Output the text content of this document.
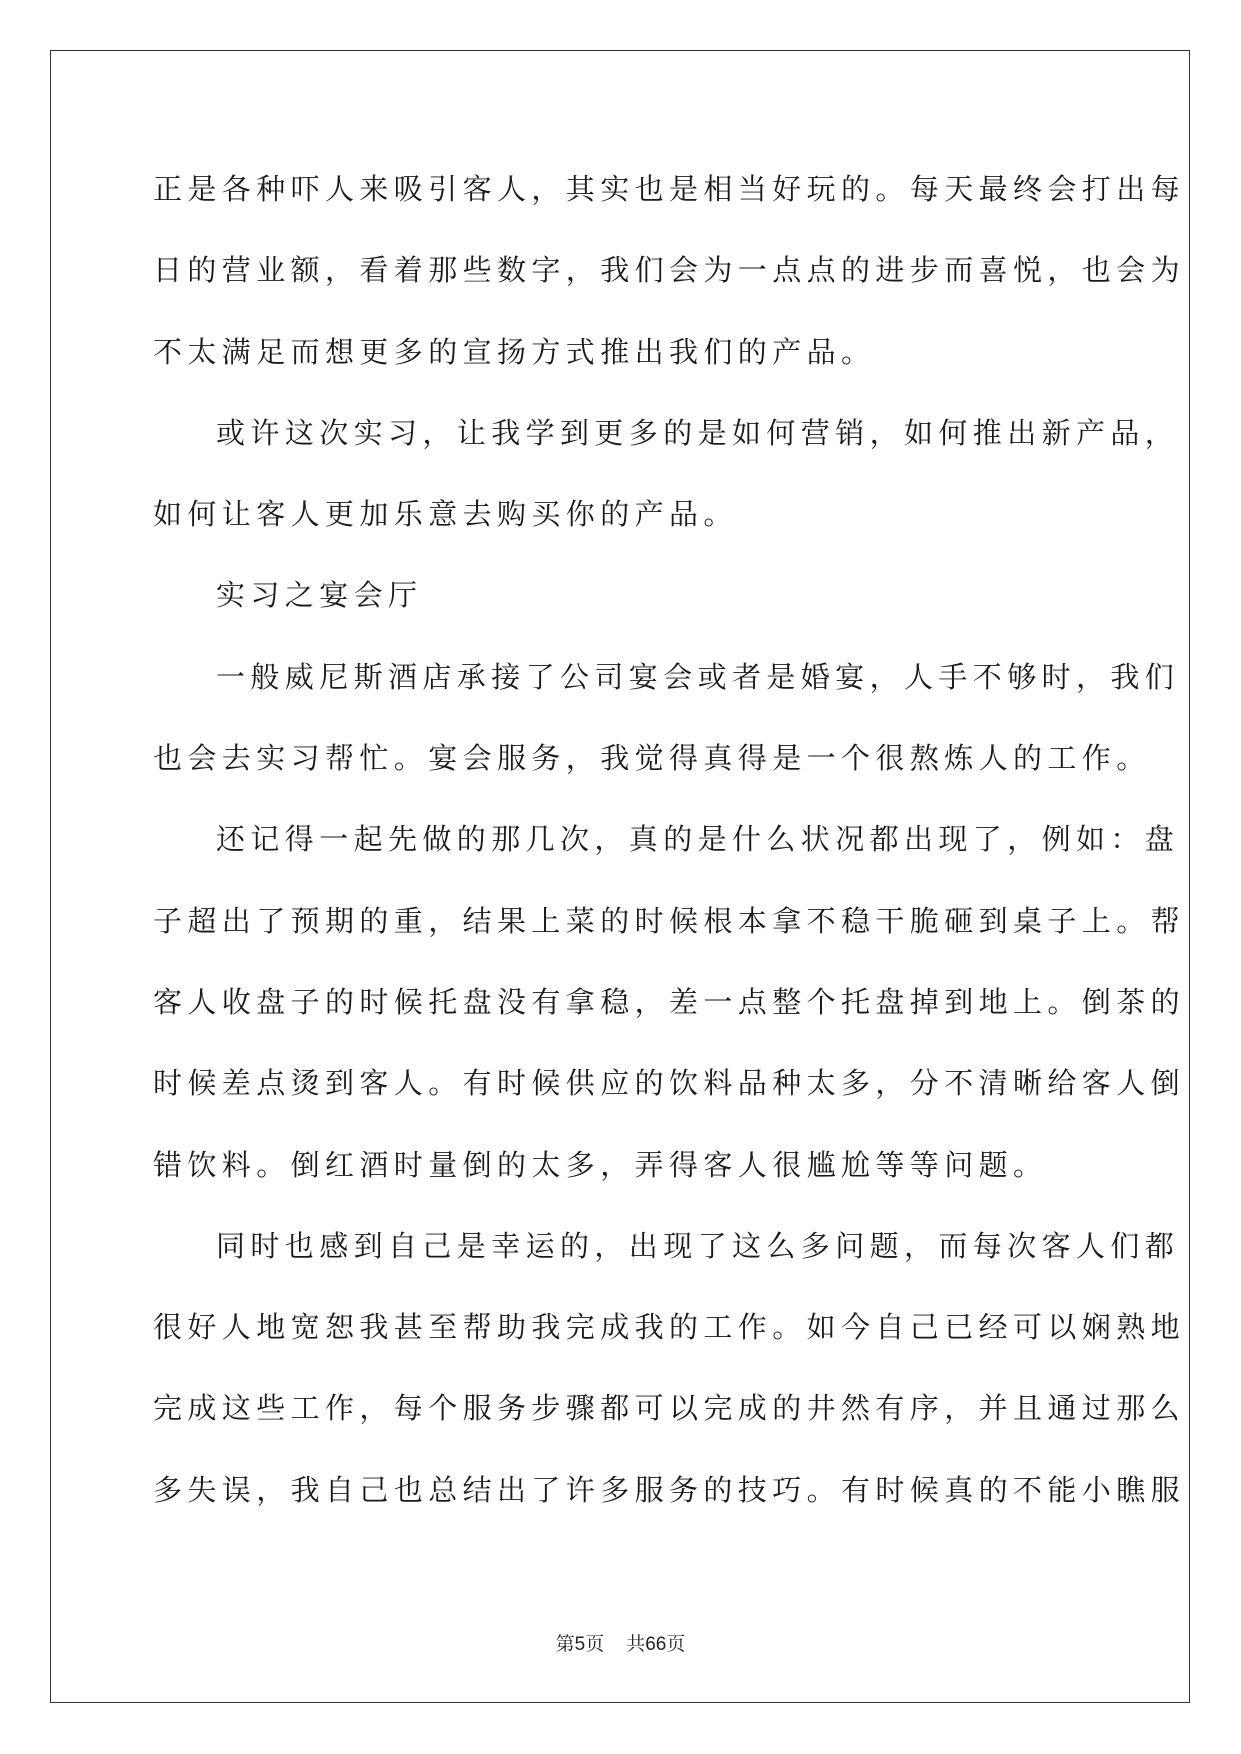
正是各种吓人来吸引客人，其实也是相当好玩的。每天最终会打出每
日的营业额，看着那些数字，我们会为一点点的进步而喜悦，也会为
不太满足而想更多的宣扬方式推出我们的产品。
或许这次实习，让我学到更多的是如何营销，如何推出新产品，
如何让客人更加乐意去购买你的产品。
实习之宴会厅
一般威尼斯酒店承接了公司宴会或者是婚宴，人手不够时，我们
也会去实习帮忙。宴会服务，我觉得真得是一个很熬炼人的工作。
还记得一起先做的那几次，真的是什么状况都出现了，例如：盘
子超出了预期的重，结果上菜的时候根本拿不稳干脆砸到桌子上。帮
客人收盘子的时候托盘没有拿稳，差一点整个托盘掉到地上。倒茶的
时候差点烫到客人。有时候供应的饮料品种太多，分不清晰给客人倒
错饮料。倒红酒时量倒的太多，弄得客人很尴尬等等问题。
同时也感到自己是幸运的，出现了这么多问题，而每次客人们都
很好人地宽恕我甚至帮助我完成我的工作。如今自己已经可以娴熟地
完成这些工作，每个服务步骤都可以完成的井然有序，并且通过那么
多失误，我自己也总结出了许多服务的技巧。有时候真的不能小瞧服
第5页 共66页
